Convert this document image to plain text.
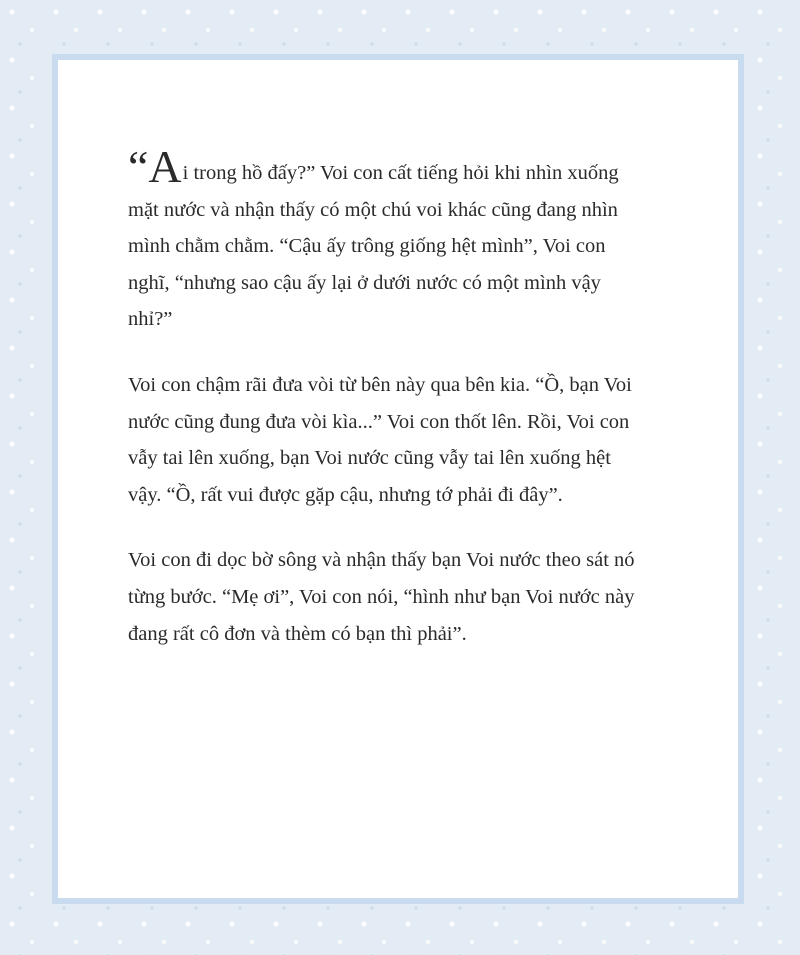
“Ai trong hồ đấy?” Voi con cất tiếng hỏi khi nhìn xuống mặt nước và nhận thấy có một chú voi khác cũng đang nhìn mình chằm chằm. “Cậu ấy trông giống hệt mình”, Voi con nghĩ, “nhưng sao cậu ấy lại ở dưới nước có một mình vậy nhỉ?”

Voi con chậm rãi đưa vòi từ bên này qua bên kia. “Ồ, bạn Voi nước cũng đung đưa vòi kìa...” Voi con thốt lên. Rồi, Voi con vẫy tai lên xuống, bạn Voi nước cũng vẫy tai lên xuống hệt vậy. “Ồ, rất vui được gặp cậu, nhưng tớ phải đi đây”.

Voi con đi dọc bờ sông và nhận thấy bạn Voi nước theo sát nó từng bước. “Mẹ ơi”, Voi con nói, “hình như bạn Voi nước này đang rất cô đơn và thèm có bạn thì phải”.
